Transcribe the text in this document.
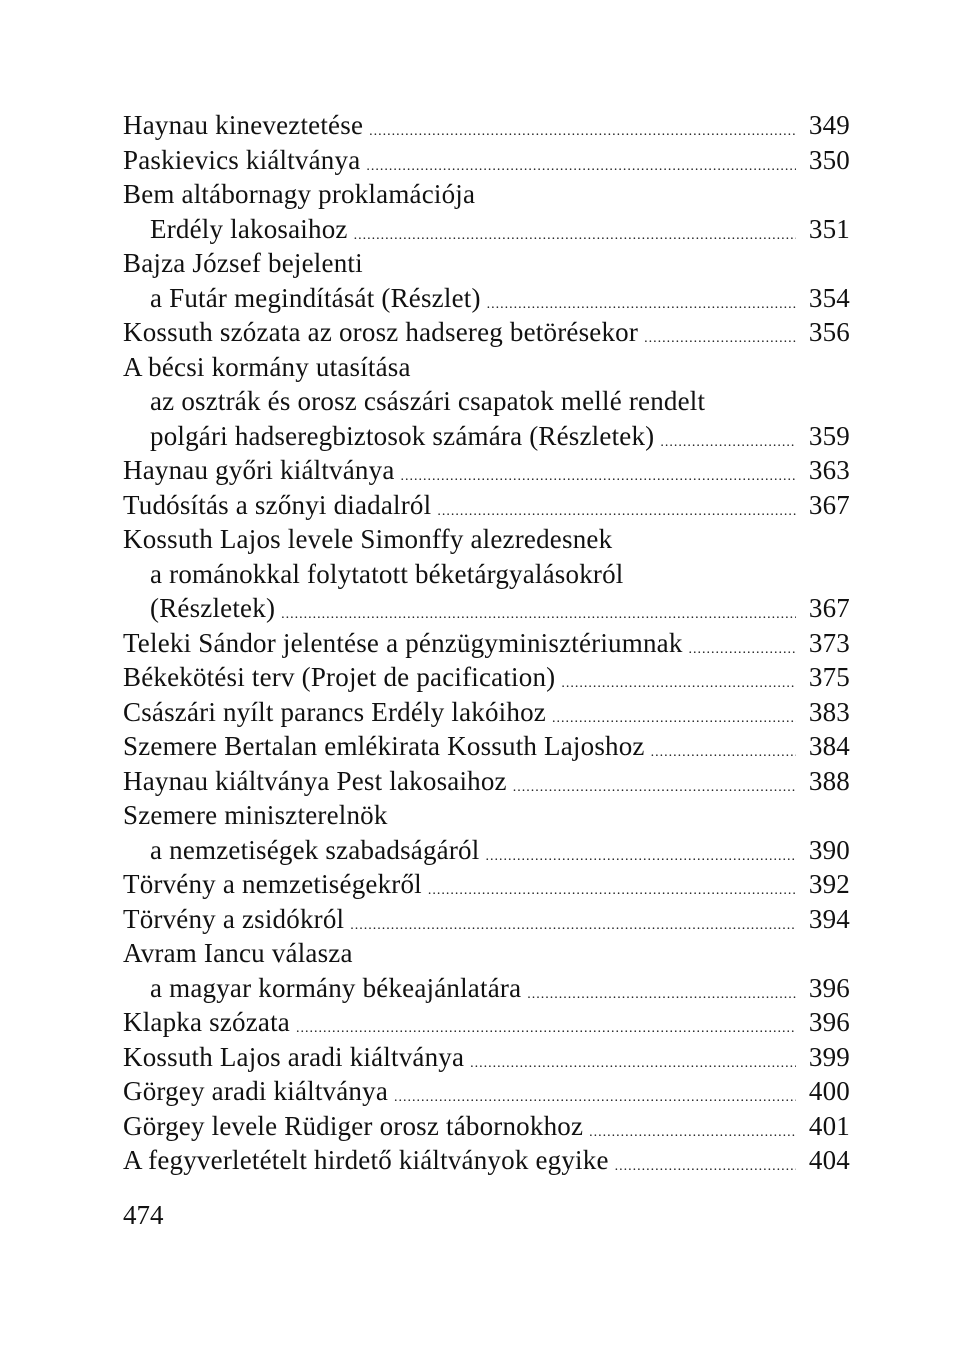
Haynau kineveztetése .....	349
Paskievics kiáltványa .....	350
Bem altábornagy proklamációja
Erdély lakosaihoz .....	351
Bajza József bejelenti
a Futár megindítását (Részlet) .....	354
Kossuth szózata az orosz hadsereg betörésekor .....	356
A bécsi kormány utasítása
az osztrák és orosz császári csapatok mellé rendelt
polgári hadseregbiztosok számára (Részletek) .....	359
Haynau győri kiáltványa .....	363
Tudósítás a szőnyi diadalról .....	367
Kossuth Lajos levele Simonffy alezredesnek
a románokkal folytatott béketárgyalásokról
(Részletek) .....	367
Teleki Sándor jelentése a pénzügyminisztériumnak .....	373
Békekötési terv (Projet de pacification) .....	375
Császári nyílt parancs Erdély lakóihoz .....	383
Szemere Bertalan emlékirata Kossuth Lajoshoz .....	384
Haynau kiáltványa Pest lakosaihoz .....	388
Szemere miniszterelnök
a nemzetiségek szabadságáról .....	390
Törvény a nemzetiségekről .....	392
Törvény a zsidókról .....	394
Avram Iancu válasza
a magyar kormány békeajánlatára .....	396
Klapka szózata .....	396
Kossuth Lajos aradi kiáltványa .....	399
Görgey aradi kiáltványa .....	400
Görgey levele Rüdiger orosz tábornokhoz .....	401
A fegyverletételt hirdető kiáltványok egyike .....	404
474
